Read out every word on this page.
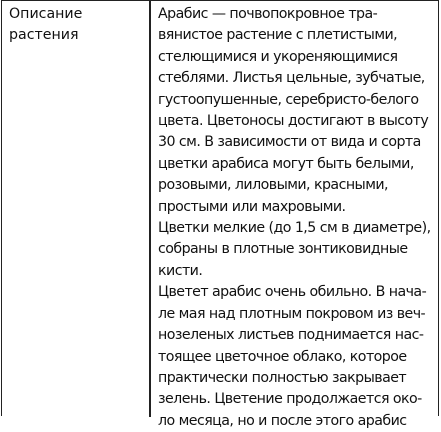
Описание
растения
Арабис — почвопокровное тра-
вянистое растение с плетистыми,
стелющимися и укореняющимися
стеблями. Листья цельные, зубчатые,
густоопушенные, серебристо-белого
цвета. Цветоносы достигают в высоту
30 см. В зависимости от вида и сорта
цветки арабиса могут быть белыми,
розовыми, лиловыми, красными,
простыми или махровыми.
Цветки мелкие (до 1,5 см в диаметре),
собраны в плотные зонтиковидные
кисти.
Цветет арабис очень обильно. В нача-
ле мая над плотным покровом из веч-
нозеленых листьев поднимается нас-
тоящее цветочное облако, которое
практически полностью закрывает
зелень. Цветение продолжается око-
ло месяца, но и после этого арабис
